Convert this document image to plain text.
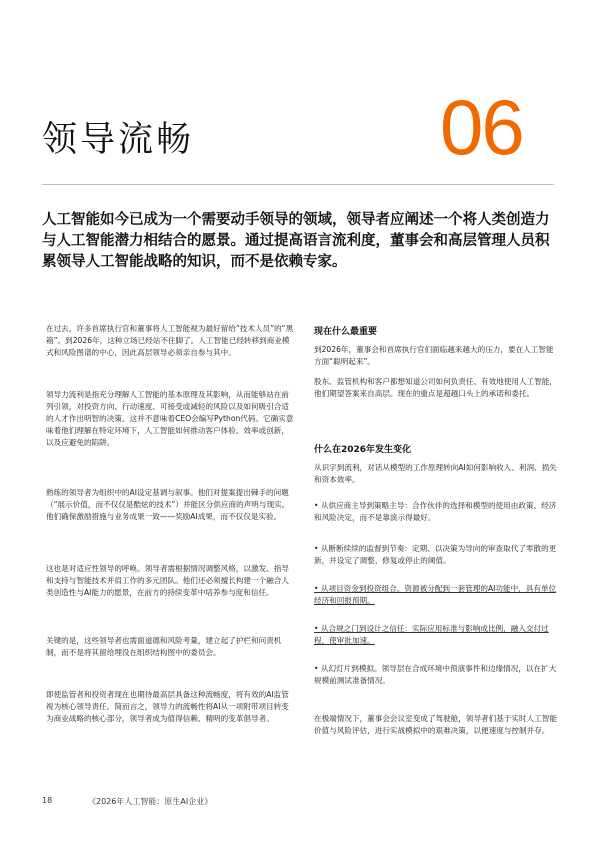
领导流畅	06
人工智能如今已成为一个需要动手领导的领域，领导者应阐述一个将人类创造力与人工智能潜力相结合的愿景。通过提高语言流利度，董事会和高层管理人员积累领导人工智能战略的知识，而不是依赖专家。
在过去，许多首席执行官和董事将人工智能视为最好留给“技术人员”的“黑箱”。到2026年，这种立场已经站不住脚了。人工智能已经转移到商业模式和风险图谱的中心，因此高层领导必须亲自参与其中。
领导力流利是指充分理解人工智能的基本原理及其影响，从而能够站在前列引领，对投资方向、行动速度、可接受或减轻的风险以及如何吸引合适的人才作出明智的决策。这并不意味着CEO会编写Python代码。它确实意味着他们理解在特定环境下，人工智能如何推动客户体验、效率或创新，以及应避免的陷阱。
熟练的领导者为组织中的AI设定基调与叙事。他们对提案提出棘手的问题（“展示价值，而不仅仅是酷炫的技术”）并能区分供应商的声明与现实。他们确保激励措施与业务成果一致——奖励AI成果，而不仅仅是实验。
这也是对适应性领导的呼唤。领导者需根据情况调整风格，以激发、指导和支持与智能技术并肩工作的多元团队。他们还必须擅长构建一个融合人类创造性与AI能力的愿景，在前方的持续变革中培养参与度和信任。
关键的是，这些领导者也需面道德和风险考量，建立起了护栏和问责机制，而不是将其留给埋没在组织结构图中的委员会。
即使监管者和投资者现在也期待最高层具备这种流畅度，将有效的AI监管视为核心领导责任。简而言之，领导力的流畅性将AI从一项附带项目转变为商业战略的核心部分，领导者成为值得信赖、精明的变革倡导者。
现在什么最重要
到2026年，董事会和首席执行官们面临越来越大的压力，要在人工智能方面“聪明起来”。
股东、监管机构和客户都想知道公司如何负责任、有效地使用人工智能，他们期望答案来自高层。现在的重点是超越口头上的承诺和委托。
什么在2026年发生变化
从识字到流利，对话从模型的工作原理转向AI如何影响收入、利润、损失和资本效率。
• 从供应商主导到策略主导：合作伙伴的选择和模型的使用由政策、经济和风险决定，而不是靠演示得最好。
• 从断断续续的监督到节奏：定期、以决策为导向的审查取代了零散的更新，并设定了调整、修复或停止的阈值。
• 从项目资金到投资组合。资源被分配到一套管理的AI功能中，具有单位经济和回报预期。
• 从合规之门到设计之信任：实际应用标准与影响成比例，融入交付过程，使审批加速。
• 从幻灯片到模拟。领导层在合成环境中预演事件和边缘情况，以在扩大规模前测试准备情况。
在极端情况下，董事会会议室变成了驾驶舱，领导者们基于实时人工智能价值与风险评估，进行实战模拟中的艰难决策，以便速度与控制并存。
18	《2026年人工智能：原生AI企业》
